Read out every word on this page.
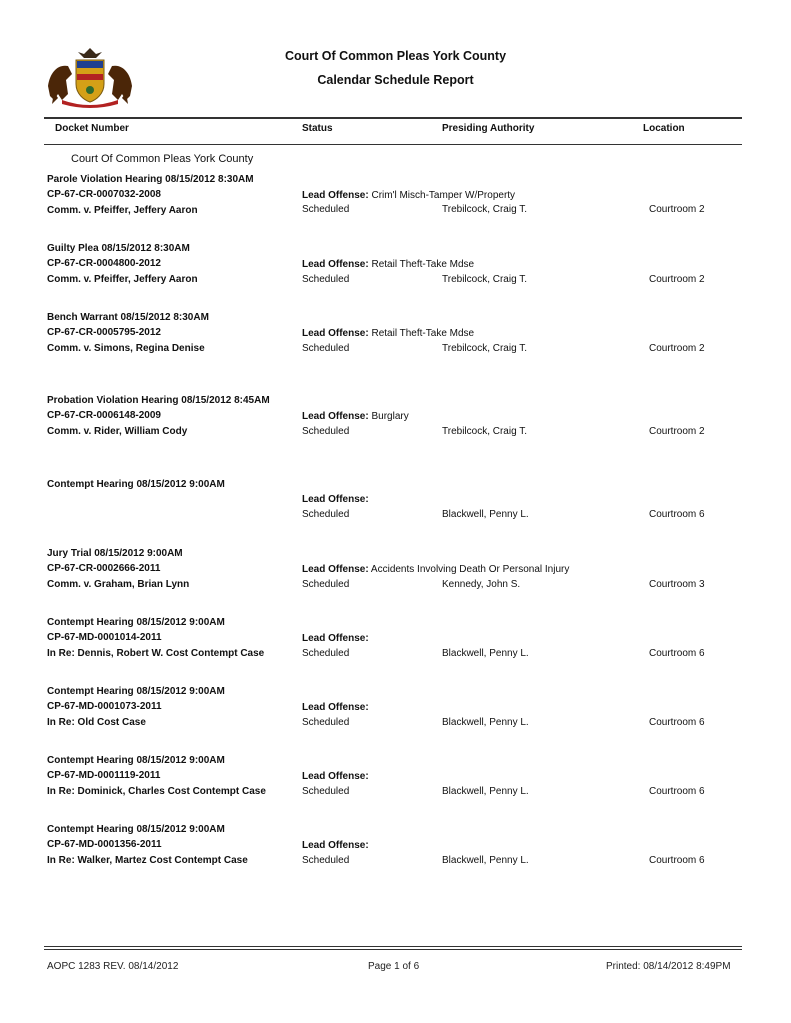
Court Of Common Pleas York County
Calendar Schedule Report
Docket Number	Status	Presiding Authority	Location
Court Of Common Pleas York County
Parole Violation Hearing 08/15/2012 8:30AM
CP-67-CR-0007032-2008
Comm. v. Pfeiffer, Jeffery Aaron
Lead Offense: Crim'l Misch-Tamper W/Property
Scheduled	Trebilcock, Craig T.	Courtroom 2
Guilty Plea 08/15/2012 8:30AM
CP-67-CR-0004800-2012
Comm. v. Pfeiffer, Jeffery Aaron
Lead Offense: Retail Theft-Take Mdse
Scheduled	Trebilcock, Craig T.	Courtroom 2
Bench Warrant 08/15/2012 8:30AM
CP-67-CR-0005795-2012
Comm. v. Simons, Regina Denise
Lead Offense: Retail Theft-Take Mdse
Scheduled	Trebilcock, Craig T.	Courtroom 2
Probation Violation Hearing 08/15/2012 8:45AM
CP-67-CR-0006148-2009
Comm. v. Rider, William Cody
Lead Offense: Burglary
Scheduled	Trebilcock, Craig T.	Courtroom 2
Contempt Hearing 08/15/2012 9:00AM
Lead Offense:
Scheduled	Blackwell, Penny L.	Courtroom 6
Jury Trial 08/15/2012 9:00AM
CP-67-CR-0002666-2011
Comm. v. Graham, Brian Lynn
Lead Offense: Accidents Involving Death Or Personal Injury
Scheduled	Kennedy, John S.	Courtroom 3
Contempt Hearing 08/15/2012 9:00AM
CP-67-MD-0001014-2011
In Re: Dennis, Robert W. Cost Contempt Case
Lead Offense:
Scheduled	Blackwell, Penny L.	Courtroom 6
Contempt Hearing 08/15/2012 9:00AM
CP-67-MD-0001073-2011
In Re: Old Cost Case
Lead Offense:
Scheduled	Blackwell, Penny L.	Courtroom 6
Contempt Hearing 08/15/2012 9:00AM
CP-67-MD-0001119-2011
In Re: Dominick, Charles Cost Contempt Case
Lead Offense:
Scheduled	Blackwell, Penny L.	Courtroom 6
Contempt Hearing 08/15/2012 9:00AM
CP-67-MD-0001356-2011
In Re: Walker, Martez Cost Contempt Case
Lead Offense:
Scheduled	Blackwell, Penny L.	Courtroom 6
AOPC 1283 REV. 08/14/2012	Page 1 of 6	Printed: 08/14/2012 8:49PM
